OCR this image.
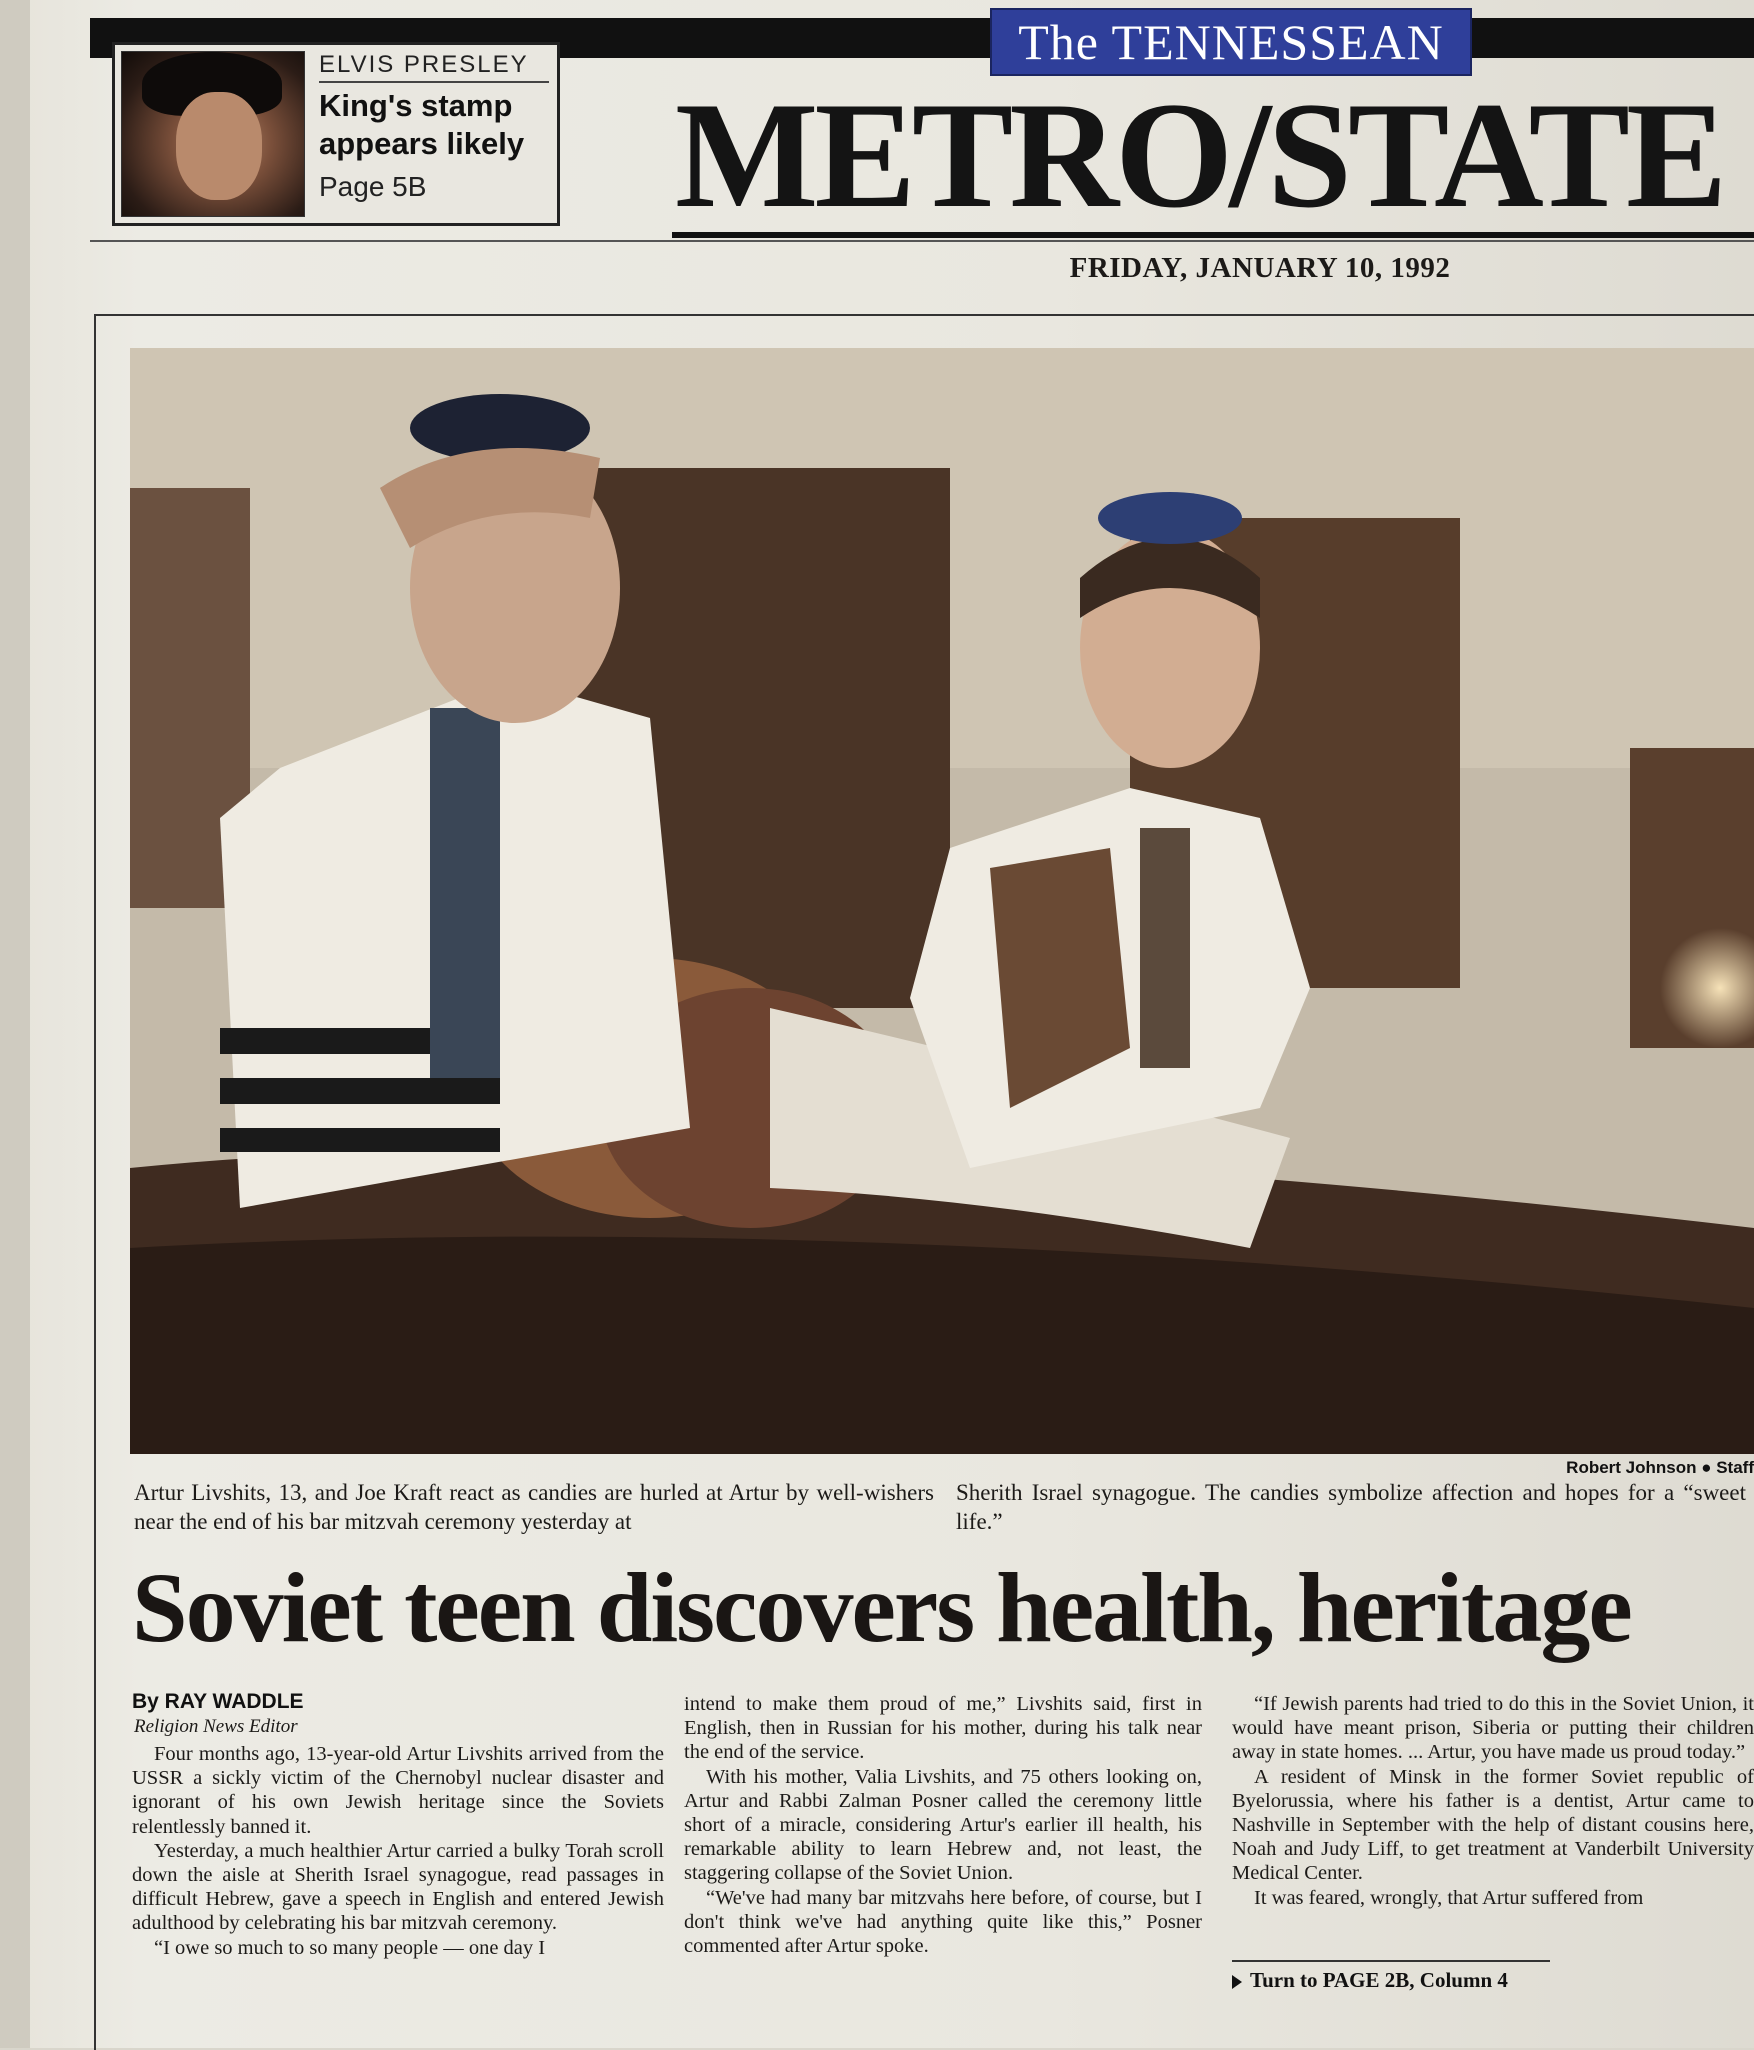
The TENNESSEAN
METRO/STATE
FRIDAY, JANUARY 10, 1992
ELVIS PRESLEY
King's stamp appears likely
Page 5B
Robert Johnson ● Staff
Artur Livshits, 13, and Joe Kraft react as candies are hurled at Artur by well-wishers near the end of his bar mitzvah ceremony yesterday at
Sherith Israel synagogue. The candies symbolize affection and hopes for a “sweet life.”
Soviet teen discovers health, heritage
By RAY WADDLE
Religion News Editor

Four months ago, 13-year-old Artur Livshits arrived from the USSR a sickly victim of the Chernobyl nuclear disaster and ignorant of his own Jewish heritage since the Soviets relentlessly banned it.

Yesterday, a much healthier Artur carried a bulky Torah scroll down the aisle at Sherith Israel synagogue, read passages in difficult Hebrew, gave a speech in English and entered Jewish adulthood by celebrating his bar mitzvah ceremony.

“I owe so much to so many people — one day I

intend to make them proud of me,” Livshits said, first in English, then in Russian for his mother, during his talk near the end of the service.

With his mother, Valia Livshits, and 75 others looking on, Artur and Rabbi Zalman Posner called the ceremony little short of a miracle, considering Artur's earlier ill health, his remarkable ability to learn Hebrew and, not least, the staggering collapse of the Soviet Union.

“We've had many bar mitzvahs here before, of course, but I don't think we've had anything quite like this,” Posner commented after Artur spoke.

“If Jewish parents had tried to do this in the Soviet Union, it would have meant prison, Siberia or putting their children away in state homes. ... Artur, you have made us proud today.”

A resident of Minsk in the former Soviet republic of Byelorussia, where his father is a dentist, Artur came to Nashville in September with the help of distant cousins here, Noah and Judy Liff, to get treatment at Vanderbilt University Medical Center.

It was feared, wrongly, that Artur suffered from

Turn to PAGE 2B, Column 4
